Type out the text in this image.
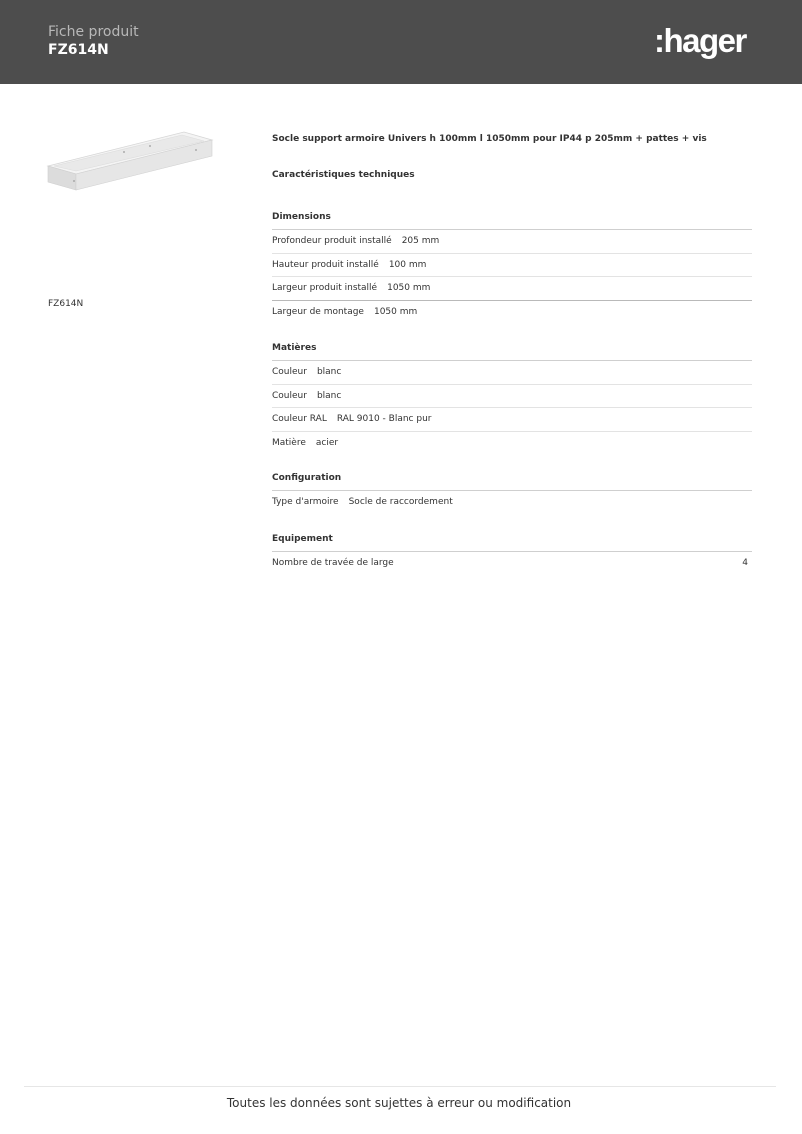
Fiche produit
FZ614N	:hager
FZ614N
Socle support armoire Univers h 100mm l 1050mm pour IP44 p 205mm + pattes + vis
Caractéristiques techniques
Dimensions
Profondeur produit installé 205 mm
Hauteur produit installé 100 mm
Largeur produit installé 1050 mm
Largeur de montage 1050 mm
Matières
Couleur blanc
Couleur blanc
Couleur RAL RAL 9010 - Blanc pur
Matière acier
Configuration
Type d'armoire Socle de raccordement
Equipement
Nombre de travée de large	4
Toutes les données sont sujettes à erreur ou modification
